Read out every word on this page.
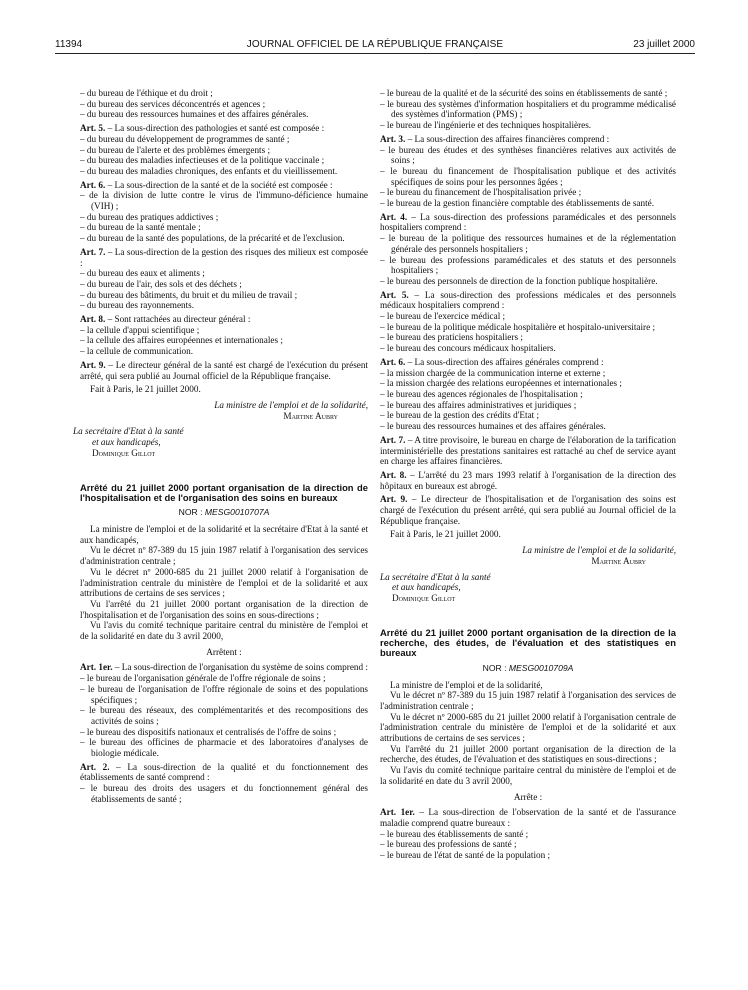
11394	JOURNAL OFFICIEL DE LA RÉPUBLIQUE FRANÇAISE	23 juillet 2000

– du bureau de l'éthique et du droit ;

– du bureau des services déconcentrés et agences ;

– du bureau des ressources humaines et des affaires générales.

Art. 5. – La sous-direction des pathologies et santé est composée :

– du bureau du développement de programmes de santé ;

– du bureau de l'alerte et des problèmes émergents ;

– du bureau des maladies infectieuses et de la politique vaccinale ;

– du bureau des maladies chroniques, des enfants et du vieillissement.

Art. 6. – La sous-direction de la santé et de la société est composée :

– de la division de lutte contre le virus de l'immuno-déficience humaine (VIH) ;

– du bureau des pratiques addictives ;

– du bureau de la santé mentale ;

– du bureau de la santé des populations, de la précarité et de l'exclusion.

Art. 7. – La sous-direction de la gestion des risques des milieux est composée :

– du bureau des eaux et aliments ;

– du bureau de l'air, des sols et des déchets ;

– du bureau des bâtiments, du bruit et du milieu de travail ;

– du bureau des rayonnements.

Art. 8. – Sont rattachées au directeur général :

– la cellule d'appui scientifique ;

– la cellule des affaires européennes et internationales ;

– la cellule de communication.

Art. 9. – Le directeur général de la santé est chargé de l'exécution du présent arrêté, qui sera publié au Journal officiel de la République française.

Fait à Paris, le 21 juillet 2000.

La ministre de l'emploi et de la solidarité,

Martine Aubry

La secrétaire d'Etat à la santé

et aux handicapés,

Dominique Gillot

Arrêté du 21 juillet 2000 portant organisation de la direction de l'hospitalisation et de l'organisation des soins en bureaux

NOR : MESG0010707A

La ministre de l'emploi et de la solidarité et la secrétaire d'Etat à la santé et aux handicapés,

Vu le décret nº 87-389 du 15 juin 1987 relatif à l'organisation des services d'administration centrale ;

Vu le décret nº 2000-685 du 21 juillet 2000 relatif à l'organisation de l'administration centrale du ministère de l'emploi et de la solidarité et aux attributions de certains de ses services ;

Vu l'arrêté du 21 juillet 2000 portant organisation de la direction de l'hospitalisation et de l'organisation des soins en sous-directions ;

Vu l'avis du comité technique paritaire central du ministère de l'emploi et de la solidarité en date du 3 avril 2000,

Arrêtent :

Art. 1er. – La sous-direction de l'organisation du système de soins comprend :

– le bureau de l'organisation générale de l'offre régionale de soins ;

– le bureau de l'organisation de l'offre régionale de soins et des populations spécifiques ;

– le bureau des réseaux, des complémentarités et des recompositions des activités de soins ;

– le bureau des dispositifs nationaux et centralisés de l'offre de soins ;

– le bureau des officines de pharmacie et des laboratoires d'analyses de biologie médicale.

Art. 2. – La sous-direction de la qualité et du fonctionnement des établissements de santé comprend :

– le bureau des droits des usagers et du fonctionnement général des établissements de santé ;

– le bureau de la qualité et de la sécurité des soins en établissements de santé ;

– le bureau des systèmes d'information hospitaliers et du programme médicalisé des systèmes d'information (PMS) ;

– le bureau de l'ingénierie et des techniques hospitalières.

Art. 3. – La sous-direction des affaires financières comprend :

– le bureau des études et des synthèses financières relatives aux activités de soins ;

– le bureau du financement de l'hospitalisation publique et des activités spécifiques de soins pour les personnes âgées ;

– le bureau du financement de l'hospitalisation privée ;

– le bureau de la gestion financière comptable des établissements de santé.

Art. 4. – La sous-direction des professions paramédicales et des personnels hospitaliers comprend :

– le bureau de la politique des ressources humaines et de la réglementation générale des personnels hospitaliers ;

– le bureau des professions paramédicales et des statuts et des personnels hospitaliers ;

– le bureau des personnels de direction de la fonction publique hospitalière.

Art. 5. – La sous-direction des professions médicales et des personnels médicaux hospitaliers comprend :

– le bureau de l'exercice médical ;

– le bureau de la politique médicale hospitalière et hospitalo-universitaire ;

– le bureau des praticiens hospitaliers ;

– le bureau des concours médicaux hospitaliers.

Art. 6. – La sous-direction des affaires générales comprend :

– la mission chargée de la communication interne et externe ;

– la mission chargée des relations européennes et internationales ;

– le bureau des agences régionales de l'hospitalisation ;

– le bureau des affaires administratives et juridiques ;

– le bureau de la gestion des crédits d'Etat ;

– le bureau des ressources humaines et des affaires générales.

Art. 7. – A titre provisoire, le bureau en charge de l'élaboration de la tarification interministérielle des prestations sanitaires est rattaché au chef de service ayant en charge les affaires financières.

Art. 8. – L'arrêté du 23 mars 1993 relatif à l'organisation de la direction des hôpitaux en bureaux est abrogé.

Art. 9. – Le directeur de l'hospitalisation et de l'organisation des soins est chargé de l'exécution du présent arrêté, qui sera publié au Journal officiel de la République française.

Fait à Paris, le 21 juillet 2000.

La ministre de l'emploi et de la solidarité,

Martine Aubry

La secrétaire d'Etat à la santé

et aux handicapés,

Dominique Gillot

Arrêté du 21 juillet 2000 portant organisation de la direction de la recherche, des études, de l'évaluation et des statistiques en bureaux

NOR : MESG0010709A

La ministre de l'emploi et de la solidarité,

Vu le décret nº 87-389 du 15 juin 1987 relatif à l'organisation des services de l'administration centrale ;

Vu le décret nº 2000-685 du 21 juillet 2000 relatif à l'organisation centrale de l'administration centrale du ministère de l'emploi et de la solidarité et aux attributions de certains de ses services ;

Vu l'arrêté du 21 juillet 2000 portant organisation de la direction de la recherche, des études, de l'évaluation et des statistiques en sous-directions ;

Vu l'avis du comité technique paritaire central du ministère de l'emploi et de la solidarité en date du 3 avril 2000,

Arrête :

Art. 1er. – La sous-direction de l'observation de la santé et de l'assurance maladie comprend quatre bureaux :

– le bureau des établissements de santé ;

– le bureau des professions de santé ;

– le bureau de l'état de santé de la population ;
